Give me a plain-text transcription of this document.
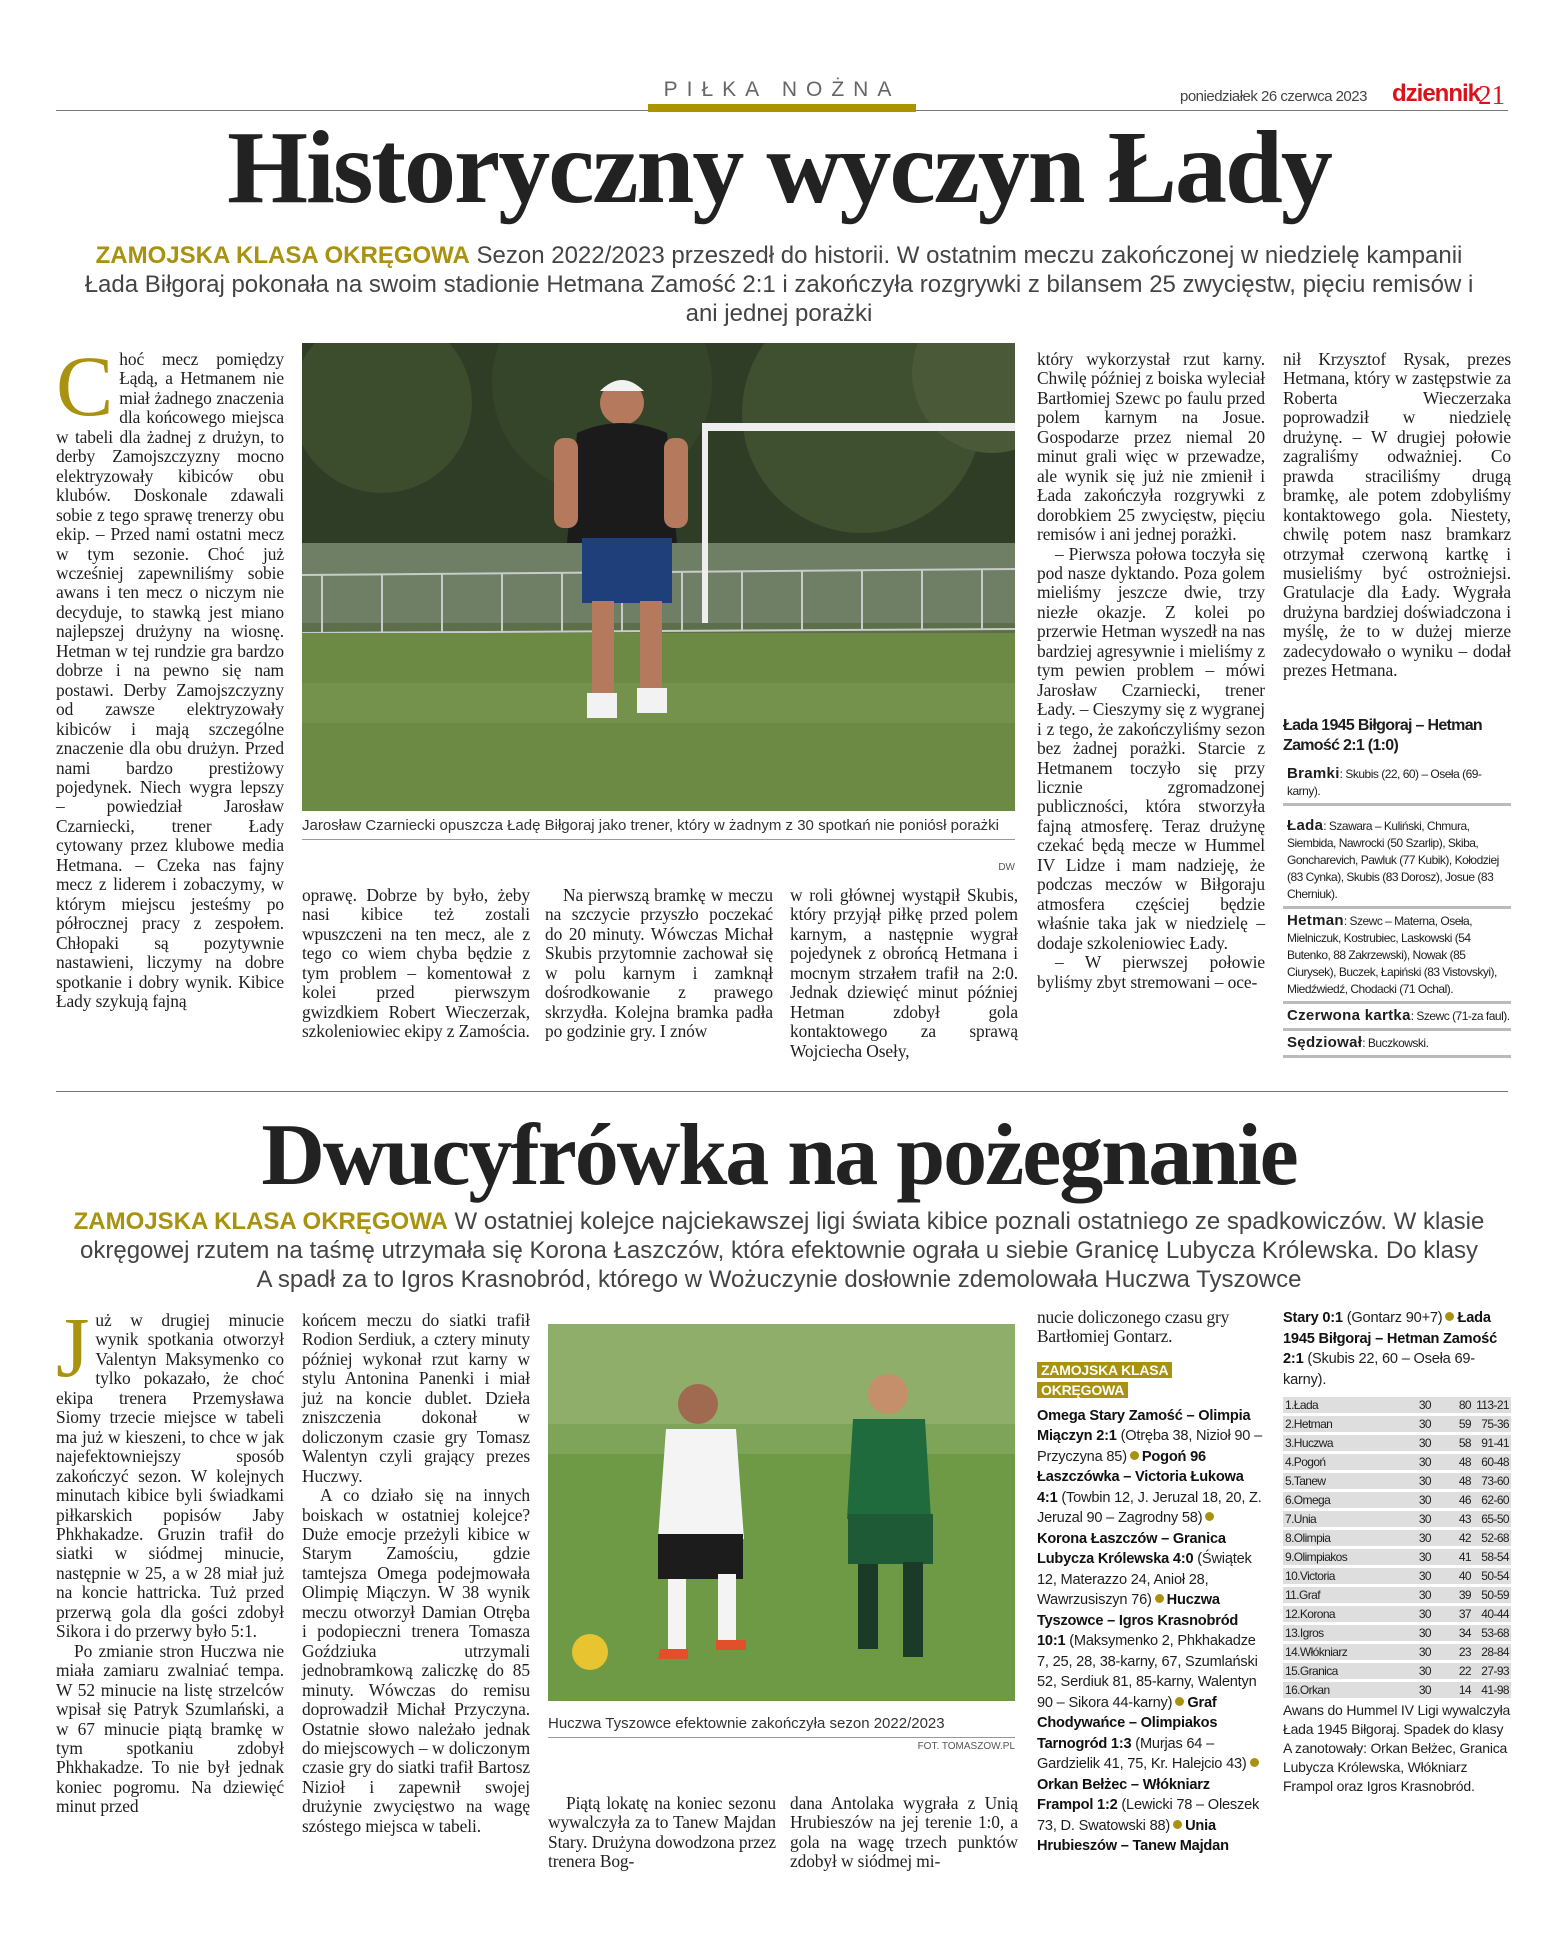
PIŁKA NOŻNA	poniedziałek 26 czerwca 2023 dziennik
21
Historyczny wyczyn Łady
ZAMOJSKA KLASA OKRĘGOWA Sezon 2022/2023 przeszedł do historii. W ostatnim meczu zakończonej w niedzielę kampanii Łada Biłgoraj pokonała na swoim stadionie Hetmana Zamość 2:1 i zakończyła rozgrywki z bilansem 25 zwycięstw, pięciu remisów i ani jednej porażki
C hoć mecz pomiędzy Łądą, a Hetmanem nie miał żadnego znaczenia dla końcowego miejsca w tabeli dla żadnej z drużyn, to derby Zamojszczyzny mocno elektryzowały kibiców obu klubów. Doskonale zdawali sobie z tego sprawę trenerzy obu ekip. – Przed nami ostatni mecz w tym sezonie. Choć już wcześniej zapewniliśmy sobie awans i ten mecz o niczym nie decyduje, to stawką jest miano najlepszej drużyny na wiosnę. Hetman w tej rundzie gra bardzo dobrze i na pewno się nam postawi. Derby Zamojszczyzny od zawsze elektryzowały kibiców i mają szczególne znaczenie dla obu drużyn. Przed nami bardzo prestiżowy pojedynek. Niech wygra lepszy – powiedział Jarosław Czarniecki, trener Łady cytowany przez klubowe media Hetmana. – Czeka nas fajny mecz z liderem i zobaczymy, w którym miejscu jesteśmy po półrocznej pracy z zespołem. Chłopaki są pozytywnie nastawieni, liczymy na dobre spotkanie i dobry wynik. Kibice Łady szykują fajną

Jarosław Czarniecki opuszcza Ładę Biłgoraj jako trener, który w żadnym z 30 spotkań nie poniósł porażki
DW

oprawę. Dobrze by było, żeby nasi kibice też zostali wpuszczeni na ten mecz, ale z tego co wiem chyba będzie z tym problem – komentował z kolei przed pierwszym gwizdkiem Robert Wieczerzak, szkoleniowiec ekipy z Zamościa.

Na pierwszą bramkę w meczu na szczycie przyszło poczekać do 20 minuty. Wówczas Michał Skubis przytomnie zachował się w polu karnym i zamknął dośrodkowanie z prawego skrzydła. Kolejna bramka padła po godzinie gry. I znów

w roli głównej wystąpił Skubis, który przyjął piłkę przed polem karnym, a następnie wygrał pojedynek z obrońcą Hetmana i mocnym strzałem trafił na 2:0. Jednak dziewięć minut później Hetman zdobył gola kontaktowego za sprawą Wojciecha Oseły,

który wykorzystał rzut karny. Chwilę później z boiska wyleciał Bartłomiej Szewc po faulu przed polem karnym na Josue. Gospodarze przez niemal 20 minut grali więc w przewadze, ale wynik się już nie zmienił i Łada zakończyła rozgrywki z dorobkiem 25 zwycięstw, pięciu remisów i ani jednej porażki.

– Pierwsza połowa toczyła się pod nasze dyktando. Poza golem mieliśmy jeszcze dwie, trzy niezłe okazje. Z kolei po przerwie Hetman wyszedł na nas bardziej agresywnie i mieliśmy z tym pewien problem – mówi Jarosław Czarniecki, trener Łady. – Cieszymy się z wygranej i z tego, że zakończyliśmy sezon bez żadnej porażki. Starcie z Hetmanem toczyło się przy licznie zgromadzonej publiczności, która stworzyła fajną atmosferę. Teraz drużynę czekać będą mecze w Hummel IV Lidze i mam nadzieję, że podczas meczów w Biłgoraju atmosfera częściej będzie właśnie taka jak w niedzielę – dodaje szkoleniowiec Łady.

– W pierwszej połowie byliśmy zbyt stremowani – oce-

nił Krzysztof Rysak, prezes Hetmana, który w zastępstwie za Roberta Wieczerzaka poprowadził w niedzielę drużynę. – W drugiej połowie zagraliśmy odważniej. Co prawda straciliśmy drugą bramkę, ale potem zdobyliśmy kontaktowego gola. Niestety, chwilę potem nasz bramkarz otrzymał czerwoną kartkę i musieliśmy być ostrożniejsi. Gratulacje dla Łady. Wygrała drużyna bardziej doświadczona i myślę, że to w dużej mierze zadecydowało o wyniku – dodał prezes Hetmana.

Łada 1945 Biłgoraj – Hetman Zamość 2:1 (1:0)
Bramki: Skubis (22, 60) – Oseła (69-karny).
Łada: Szawara – Kuliński, Chmura, Siembida, Nawrocki (50 Szarlip), Skiba, Goncharevich, Pawluk (77 Kubik), Kołodziej (83 Cynka), Skubis (83 Dorosz), Josue (83 Cherniuk).
Hetman: Szewc – Materna, Oseła, Mielniczuk, Kostrubiec, Laskowski (54 Butenko, 88 Zakrzewski), Nowak (85 Ciurysek), Buczek, Łapiński (83 Vistovskyi), Miedźwiedź, Chodacki (71 Ochal).
Czerwona kartka: Szewc (71-za faul).
Sędziował: Buczkowski.
Dwucyfrówka na pożegnanie
ZAMOJSKA KLASA OKRĘGOWA W ostatniej kolejce najciekawszej ligi świata kibice poznali ostatniego ze spadkowiczów. W klasie okręgowej rzutem na taśmę utrzymała się Korona Łaszczów, która efektownie ograła u siebie Granicę Lubycza Królewska. Do klasy A spadł za to Igros Krasnobród, którego w Wożuczynie dosłownie zdemolowała Huczwa Tyszowce
J uż w drugiej minucie wynik spotkania otworzył Valentyn Maksymenko co tylko pokazało, że choć ekipa trenera Przemysława Siomy trzecie miejsce w tabeli ma już w kieszeni, to chce w jak najefektowniejszy sposób zakończyć sezon. W kolejnych minutach kibice byli świadkami piłkarskich popisów Jaby Phkhakadze. Gruzin trafił do siatki w siódmej minucie, następnie w 25, a w 28 miał już na koncie hattricka. Tuż przed przerwą gola dla gości zdobył Sikora i do przerwy było 5:1.

Po zmianie stron Huczwa nie miała zamiaru zwalniać tempa. W 52 minucie na listę strzelców wpisał się Patryk Szumlański, a w 67 minucie piątą bramkę w tym spotkaniu zdobył Phkhakadze. To nie był jednak koniec pogromu. Na dziewięć minut przed

końcem meczu do siatki trafił Rodion Serdiuk, a cztery minuty później wykonał rzut karny w stylu Antonina Panenki i miał już na koncie dublet. Dzieła zniszczenia dokonał w doliczonym czasie gry Tomasz Walentyn czyli grający prezes Huczwy.

A co działo się na innych boiskach w ostatniej kolejce? Duże emocje przeżyli kibice w Starym Zamościu, gdzie tamtejsza Omega podejmowała Olimpię Miączyn. W 38 wynik meczu otworzył Damian Otręba i podopieczni trenera Tomasza Goździuka utrzymali jednobramkową zaliczkę do 85 minuty. Wówczas do remisu doprowadził Michał Przyczyna. Ostatnie słowo należało jednak do miejscowych – w doliczonym czasie gry do siatki trafił Bartosz Nizioł i zapewnił swojej drużynie zwycięstwo na wagę szóstego miejsca w tabeli.

Huczwa Tyszowce efektownie zakończyła sezon 2022/2023
FOT. TOMASZOW.PL

Piątą lokatę na koniec sezonu wywalczyła za to Tanew Majdan Stary. Drużyna dowodzona przez trenera Bog-

dana Antolaka wygrała z Unią Hrubieszów na jej terenie 1:0, a gola na wagę trzech punktów zdobył w siódmej mi-

nucie doliczonego czasu gry Bartłomiej Gontarz.

ZAMOJSKA KLASA OKRĘGOWA
Omega Stary Zamość – Olimpia Miączyn 2:1 (Otręba 38, Nizioł 90 – Przyczyna 85) Pogoń 96 Łaszczówka – Victoria Łukowa 4:1 (Towbin 12, J. Jeruzal 18, 20, Z. Jeruzal 90 – Zagrodny 58)Korona Łaszczów – Granica Lubycza Królewska 4:0 (Świątek 12, Materazzo 24, Anioł 28, Wawrzusiszyn 76) Huczwa Tyszowce – Igros Krasnobród 10:1 (Maksymenko 2, Phkhakadze 7, 25, 28, 38-karny, 67, Szumlański 52, Serdiuk 81, 85-karny, Walentyn 90 – Sikora 44-karny) Graf Chodywańce – Olimpiakos Tarnogród 1:3 (Murjas 64 – Gardzielik 41, 75, Kr. Halejcio 43)Orkan Bełżec – Włókniarz Frampol 1:2 (Lewicki 78 – Oleszek 73, D. Swatowski 88) Unia Hrubieszów – Tanew Majdan Stary 0:1 (Gontarz 90+7) Łada 1945 Biłgoraj – Hetman Zamość 2:1 (Skubis 22, 60 – Oseła 69-karny).
1.Łada	30	80	113-21
2.Hetman	30	59	75-36
3.Huczwa	30	58	91-41
4.Pogoń	30	48	60-48
5.Tanew	30	48	73-60
6.Omega	30	46	62-60
7.Unia	30	43	65-50
8.Olimpia	30	42	52-68
9.Olimpiakos	30	41	58-54
10.Victoria	30	40	50-54
11.Graf	30	39	50-59
12.Korona	30	37	40-44
13.Igros	30	34	53-68
14.Włókniarz	30	23	28-84
15.Granica	30	22	27-93
16.Orkan	30	14	41-98
Awans do Hummel IV Ligi wywalczyła Łada 1945 Biłgoraj. Spadek do klasy A zanotowały: Orkan Bełżec, Granica Lubycza Królewska, Włókniarz Frampol oraz Igros Krasnobród.
